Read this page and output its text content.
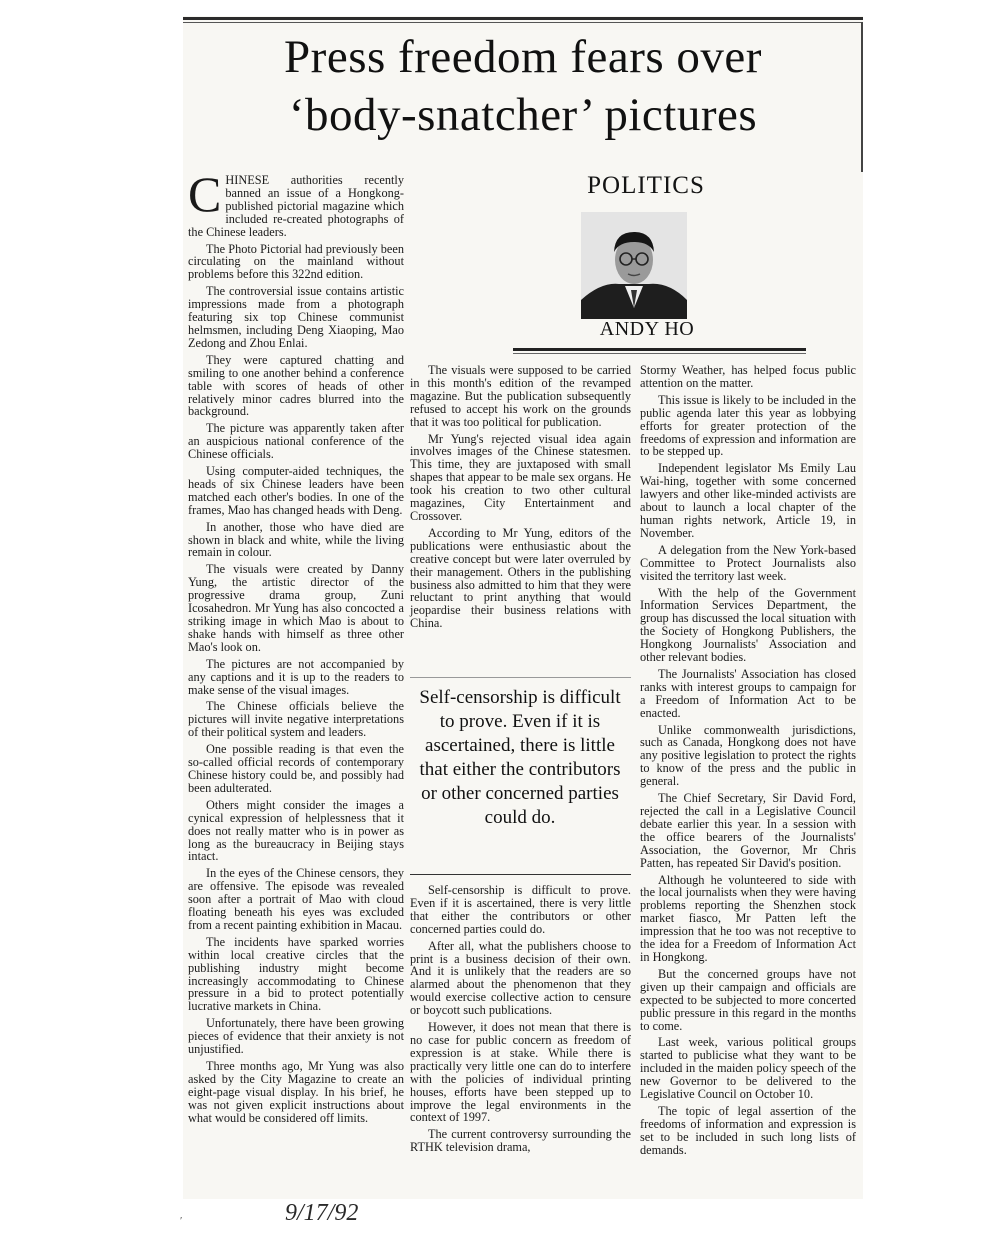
Press freedom fears over
‘body-snatcher’ pictures
POLITICS
ANDY HO
C HINESE authorities recently banned an issue of a Hongkong-published pictorial magazine which included re-created photographs of the Chinese leaders.

The Photo Pictorial had previously been circulating on the mainland without problems before this 322nd edition.

The controversial issue contains artistic impressions made from a photograph featuring six top Chinese communist helmsmen, including Deng Xiaoping, Mao Zedong and Zhou Enlai.

They were captured chatting and smiling to one another behind a conference table with scores of heads of other relatively minor cadres blurred into the background.

The picture was apparently taken after an auspicious national conference of the Chinese officials.

Using computer-aided techniques, the heads of six Chinese leaders have been matched each other's bodies. In one of the frames, Mao has changed heads with Deng.

In another, those who have died are shown in black and white, while the living remain in colour.

The visuals were created by Danny Yung, the artistic director of the progressive drama group, Zuni Icosahedron. Mr Yung has also concocted a striking image in which Mao is about to shake hands with himself as three other Mao's look on.

The pictures are not accompanied by any captions and it is up to the readers to make sense of the visual images.

The Chinese officials believe the pictures will invite negative interpretations of their political system and leaders.

One possible reading is that even the so-called official records of contemporary Chinese history could be, and possibly had been adulterated.

Others might consider the images a cynical expression of helplessness that it does not really matter who is in power as long as the bureaucracy in Beijing stays intact.

In the eyes of the Chinese censors, they are offensive. The episode was revealed soon after a portrait of Mao with cloud floating beneath his eyes was excluded from a recent painting exhibition in Macau.

The incidents have sparked worries within local creative circles that the publishing industry might become increasingly accommodating to Chinese pressure in a bid to protect potentially lucrative markets in China.

Unfortunately, there have been growing pieces of evidence that their anxiety is not unjustified.

Three months ago, Mr Yung was also asked by the City Magazine to create an eight-page visual display. In his brief, he was not given explicit instructions about what would be considered off limits.

The visuals were supposed to be carried in this month's edition of the revamped magazine. But the publication subsequently refused to accept his work on the grounds that it was too political for publication.

Mr Yung's rejected visual idea again involves images of the Chinese statesmen. This time, they are juxtaposed with small shapes that appear to be male sex organs. He took his creation to two other cultural magazines, City Entertainment and Crossover.

According to Mr Yung, editors of the publications were enthusiastic about the creative concept but were later overruled by their management. Others in the publishing business also admitted to him that they were reluctant to print anything that would jeopardise their business relations with China.

Self-censorship is difficult to prove. Even if it is ascertained, there is little that either the contributors or other concerned parties could do.

Self-censorship is difficult to prove. Even if it is ascertained, there is very little that either the contributors or other concerned parties could do.

After all, what the publishers choose to print is a business decision of their own. And it is unlikely that the readers are so alarmed about the phenomenon that they would exercise collective action to censure or boycott such publications.

However, it does not mean that there is no case for public concern as freedom of expression is at stake. While there is practically very little one can do to interfere with the policies of individual printing houses, efforts have been stepped up to improve the legal environments in the context of 1997.

The current controversy surrounding the RTHK television drama,

Stormy Weather, has helped focus public attention on the matter.

This issue is likely to be included in the public agenda later this year as lobbying efforts for greater protection of the freedoms of expression and information are to be stepped up.

Independent legislator Ms Emily Lau Wai-hing, together with some concerned lawyers and other like-minded activists are about to launch a local chapter of the human rights network, Article 19, in November.

A delegation from the New York-based Committee to Protect Journalists also visited the territory last week.

With the help of the Government Information Services Department, the group has discussed the local situation with the Society of Hongkong Publishers, the Hongkong Journalists' Association and other relevant bodies.

The Journalists' Association has closed ranks with interest groups to campaign for a Freedom of Information Act to be enacted.

Unlike commonwealth jurisdictions, such as Canada, Hongkong does not have any positive legislation to protect the rights to know of the press and the public in general.

The Chief Secretary, Sir David Ford, rejected the call in a Legislative Council debate earlier this year. In a session with the office bearers of the Journalists' Association, the Governor, Mr Chris Patten, has repeated Sir David's position.

Although he volunteered to side with the local journalists when they were having problems reporting the Shenzhen stock market fiasco, Mr Patten left the impression that he too was not receptive to the idea for a Freedom of Information Act in Hongkong.

But the concerned groups have not given up their campaign and officials are expected to be subjected to more concerted public pressure in this regard in the months to come.

Last week, various political groups started to publicise what they want to be included in the maiden policy speech of the new Governor to be delivered to the Legislative Council on October 10.

The topic of legal assertion of the freedoms of information and expression is set to be included in such long lists of demands.

′	9/17/92
